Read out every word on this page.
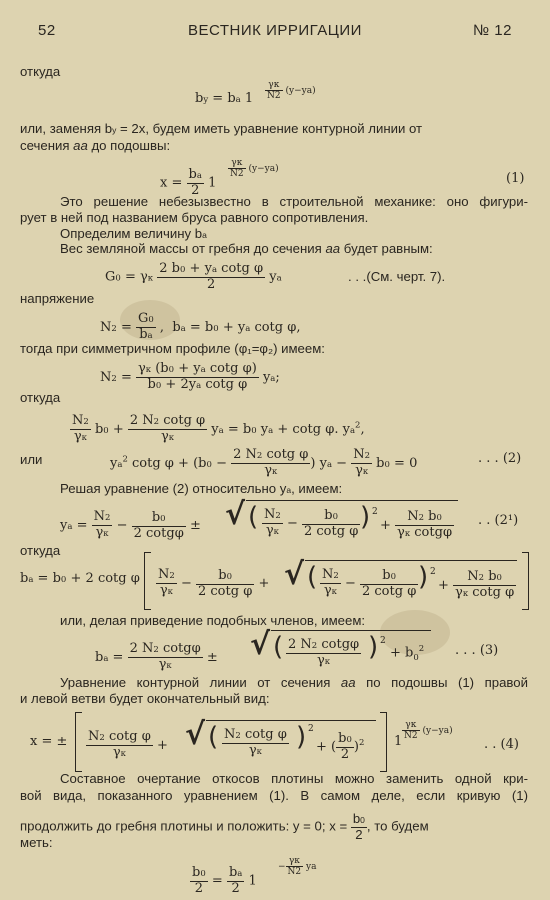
52	ВЕСТНИК ИРРИГАЦИИ	№ 12
откуда
by = ba 1
γк
N2 (y−ya)
или, заменяя by = 2x, будем иметь уравнение контурной линии от
сечения aa до подошвы:
$x = \frac{ba}{2} 1$
γк
N2 (y−ya)
(1)
Это решение небезызвестно в строительной механике: оно фигури-
рует в ней под названием бруса равного сопротивления.
Определим величину ba
Вес земляной массы от гребня до сечения aa будет равным:
G0 = γк $\frac{\text{2 b0 + ya cotg φ}}{2}$ ya	. . .(См. черт. 7).
напряжение
$N2 = \frac{G0}{ba}$ ,  ba = b0 + ya cotg φ,
тогда при симметричном профиле (φ₁=φ₂) имеем:
N2 =
γк (b0 + ya cotg φ)
b0 + 2ya cotg φ	ya;
откуда
N2
γк
b0 +
2 N2 cotg φ
γк
ya = b0 ya + cotg φ. $ya^2$,
или	$ya^2$ cotg φ + (b0 −
2 N2 cotg φ
γк
) ya −
N2
γк
b0 = 0	. . . (2)
Решая уравнение (2) относительно ya, имеем:
ya =
N2
γк
− $\frac{b0}{2 \cot g\varphi}$ ± √ ( N2
γк
− $\frac{b0}{\text{2 cotg φ}}$ ) 2
+
N2 b0
γк cotgφ
. . (2¹)
откуда
ba = b0 + 2 cotg φ N2
γк
− $\frac{b0}{\text{2 cotg φ}}$ + √ ( N2
γк
− $\frac{b0}{\text{2 cotg φ}}$ ) 2
+
N2 b0
γк cotg φ
или, делая приведение подобных членов, имеем:
ba =
2 N2 cotgφ
γк
± √ ( 2 N2 cotgφ
γк	) 2
+ $b_0^2$ . . . (3)
Уравнение контурной линии от сечения aa по подошвы (1) правой
и левой ветви будет окончательный вид:
x = ± N2 cotg φ
γк
+ √ ( N2 cotg φ
γк	) 2
+ ( $\frac{b0}{2} )^2$ 1
γк
N2 (y−ya)
. . (4)
Составное очертание откосов плотины можно заменить одной кри-
вой вида, показанного уравнением (1). В самом деле, если кривую (1)
продолжить до гребня плотины и положить: y = 0; $x = \frac{b0}{2}$ , то будем
меть:
$\frac{b0}{2} = \frac{ba}{2} 1$
−
γк
N2 ya
